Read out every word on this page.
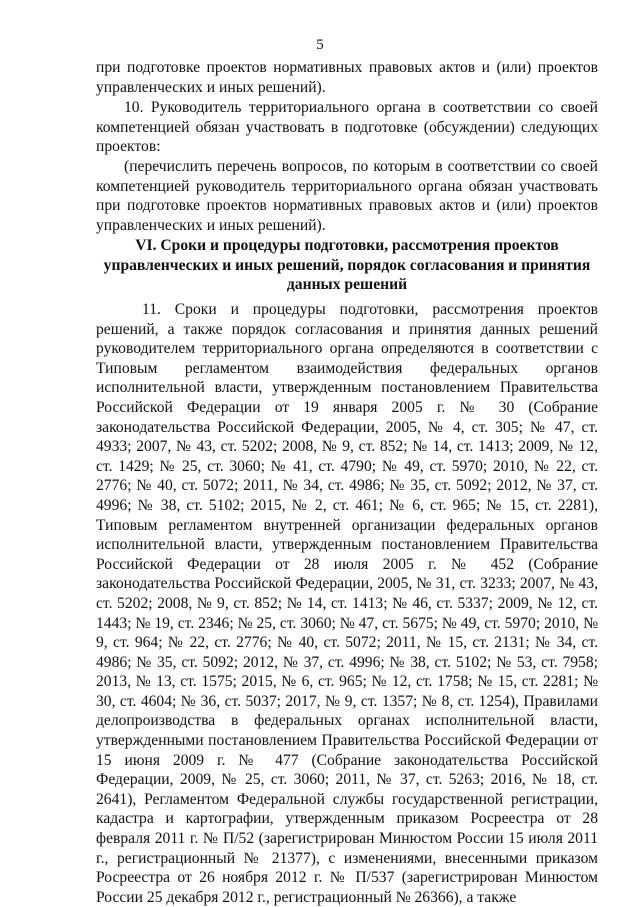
5
при подготовке проектов нормативных правовых актов и (или) проектов управленческих и иных решений).
10. Руководитель территориального органа в соответствии со своей компетенцией обязан участвовать в подготовке (обсуждении) следующих проектов:
(перечислить перечень вопросов, по которым в соответствии со своей компетенцией руководитель территориального органа обязан участвовать при подготовке проектов нормативных правовых актов и (или) проектов управленческих и иных решений).
VI. Сроки и процедуры подготовки, рассмотрения проектов управленческих и иных решений, порядок согласования и принятия данных решений
11. Сроки и процедуры подготовки, рассмотрения проектов решений, а также порядок согласования и принятия данных решений руководителем территориального органа определяются в соответствии с Типовым регламентом взаимодействия федеральных органов исполнительной власти, утвержденным постановлением Правительства Российской Федерации от 19 января 2005 г. № 30 (Собрание законодательства Российской Федерации, 2005, № 4, ст. 305; № 47, ст. 4933; 2007, № 43, ст. 5202; 2008, № 9, ст. 852; № 14, ст. 1413; 2009, № 12, ст. 1429; № 25, ст. 3060; № 41, ст. 4790; № 49, ст. 5970; 2010, № 22, ст. 2776; № 40, ст. 5072; 2011, № 34, ст. 4986; № 35, ст. 5092; 2012, № 37, ст. 4996; № 38, ст. 5102; 2015, № 2, ст. 461; № 6, ст. 965; № 15, ст. 2281), Типовым регламентом внутренней организации федеральных органов исполнительной власти, утвержденным постановлением Правительства Российской Федерации от 28 июля 2005 г. № 452 (Собрание законодательства Российской Федерации, 2005, № 31, ст. 3233; 2007, № 43, ст. 5202; 2008, № 9, ст. 852; № 14, ст. 1413; № 46, ст. 5337; 2009, № 12, ст. 1443; № 19, ст. 2346; № 25, ст. 3060; № 47, ст. 5675; № 49, ст. 5970; 2010, № 9, ст. 964; № 22, ст. 2776; № 40, ст. 5072; 2011, № 15, ст. 2131; № 34, ст. 4986; № 35, ст. 5092; 2012, № 37, ст. 4996; № 38, ст. 5102; № 53, ст. 7958; 2013, № 13, ст. 1575; 2015, № 6, ст. 965; № 12, ст. 1758; № 15, ст. 2281; № 30, ст. 4604; № 36, ст. 5037; 2017, № 9, ст. 1357; № 8, ст. 1254), Правилами делопроизводства в федеральных органах исполнительной власти, утвержденными постановлением Правительства Российской Федерации от 15 июня 2009 г. № 477 (Собрание законодательства Российской Федерации, 2009, № 25, ст. 3060; 2011, № 37, ст. 5263; 2016, № 18, ст. 2641), Регламентом Федеральной службы государственной регистрации, кадастра и картографии, утвержденным приказом Росреестра от 28 февраля 2011 г. № П/52 (зарегистрирован Минюстом России 15 июля 2011 г., регистрационный № 21377), с изменениями, внесенными приказом Росреестра от 26 ноября 2012 г. № П/537 (зарегистрирован Минюстом России 25 декабря 2012 г., регистрационный № 26366), а также
